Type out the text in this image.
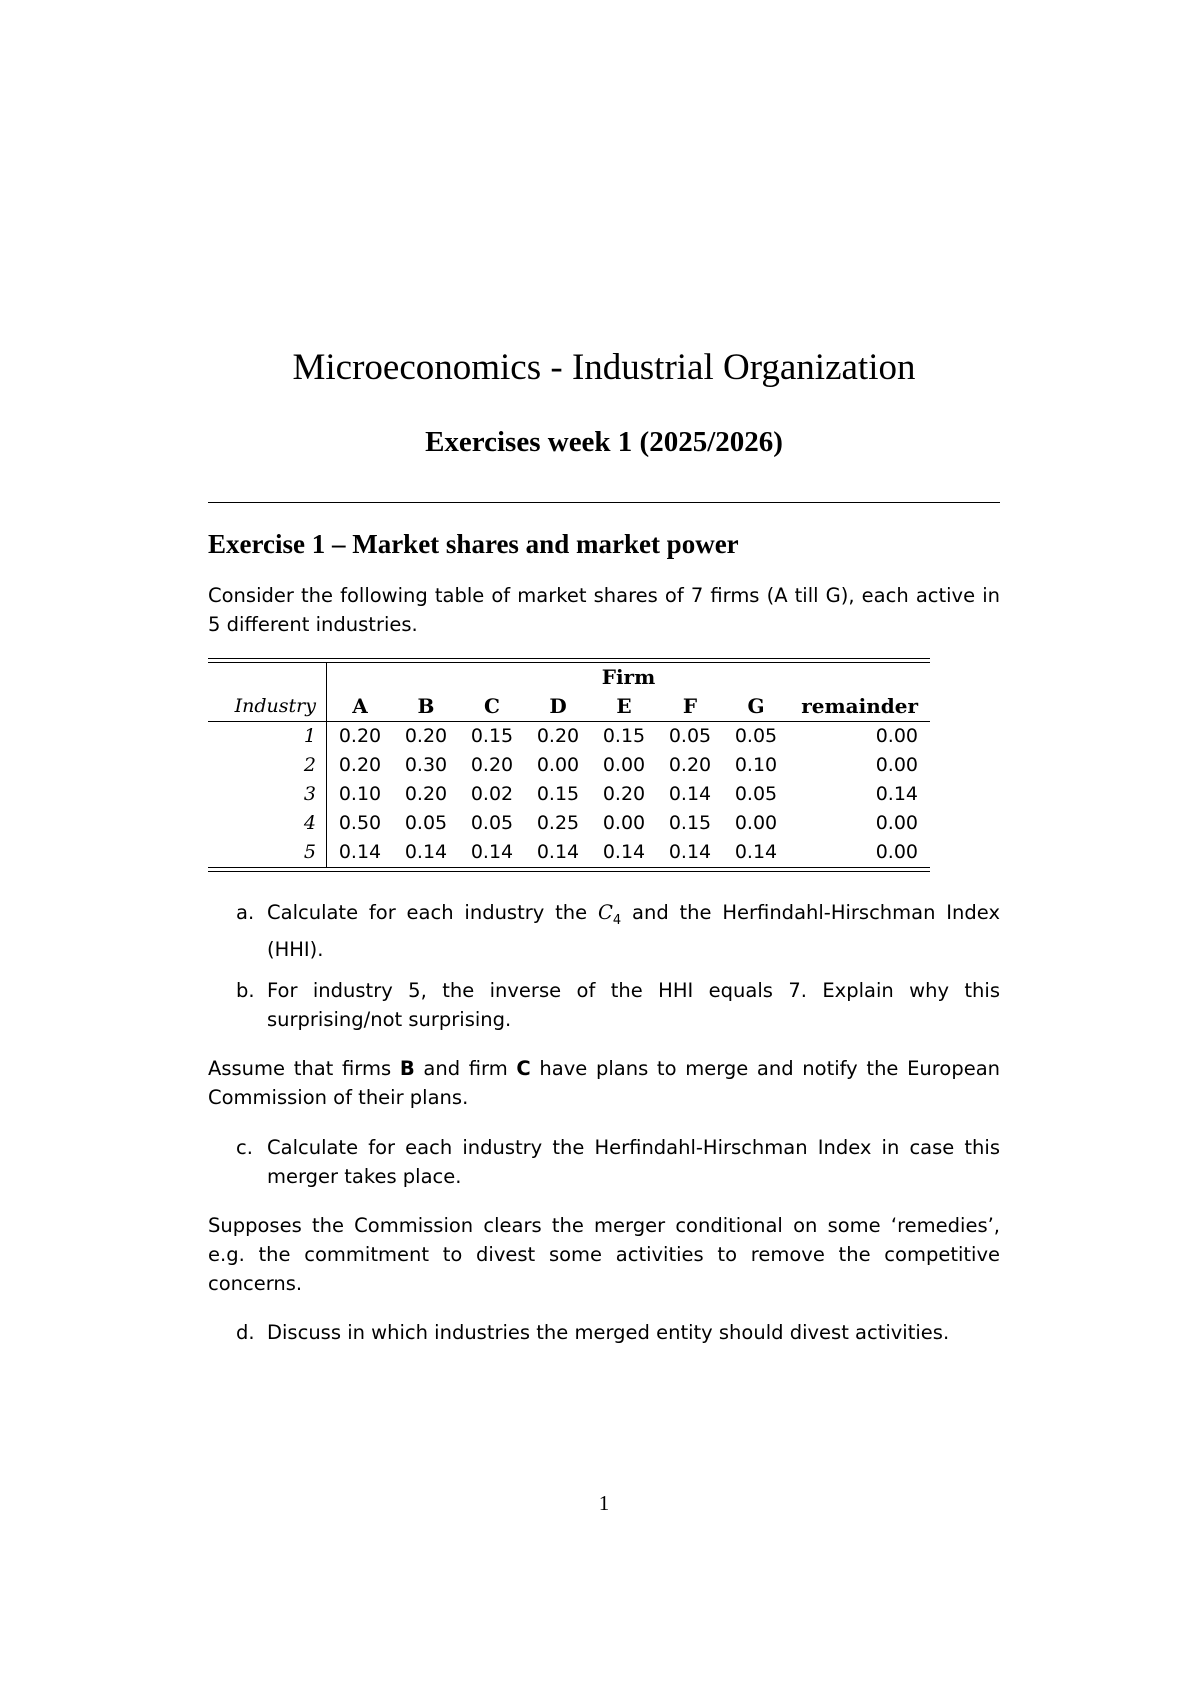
Microeconomics - Industrial Organization
Exercises week 1 (2025/2026)
Exercise 1 – Market shares and market power

Consider the following table of market shares of 7 firms (A till G), each active in 5 different industries.

	Firm							
Industry	A	B	C	D	E	F	G	remainder
1	0.20	0.20	0.15	0.20	0.15	0.05	0.05	0.00
2	0.20	0.30	0.20	0.00	0.00	0.20	0.10	0.00
3	0.10	0.20	0.02	0.15	0.20	0.14	0.05	0.14
4	0.50	0.05	0.05	0.25	0.00	0.15	0.00	0.00
5	0.14	0.14	0.14	0.14	0.14	0.14	0.14	0.00
a. Calculate for each industry the $C_4$ and the Herfindahl-Hirschman Index (HHI).
b. For industry 5, the inverse of the HHI equals 7. Explain why this surprising/not surprising.

Assume that firms B and firm C have plans to merge and notify the European Commission of their plans.

c. Calculate for each industry the Herfindahl-Hirschman Index in case this merger takes place.

Supposes the Commission clears the merger conditional on some ‘remedies’, e.g. the commitment to divest some activities to remove the competitive concerns.

d. Discuss in which industries the merged entity should divest activities.
1
